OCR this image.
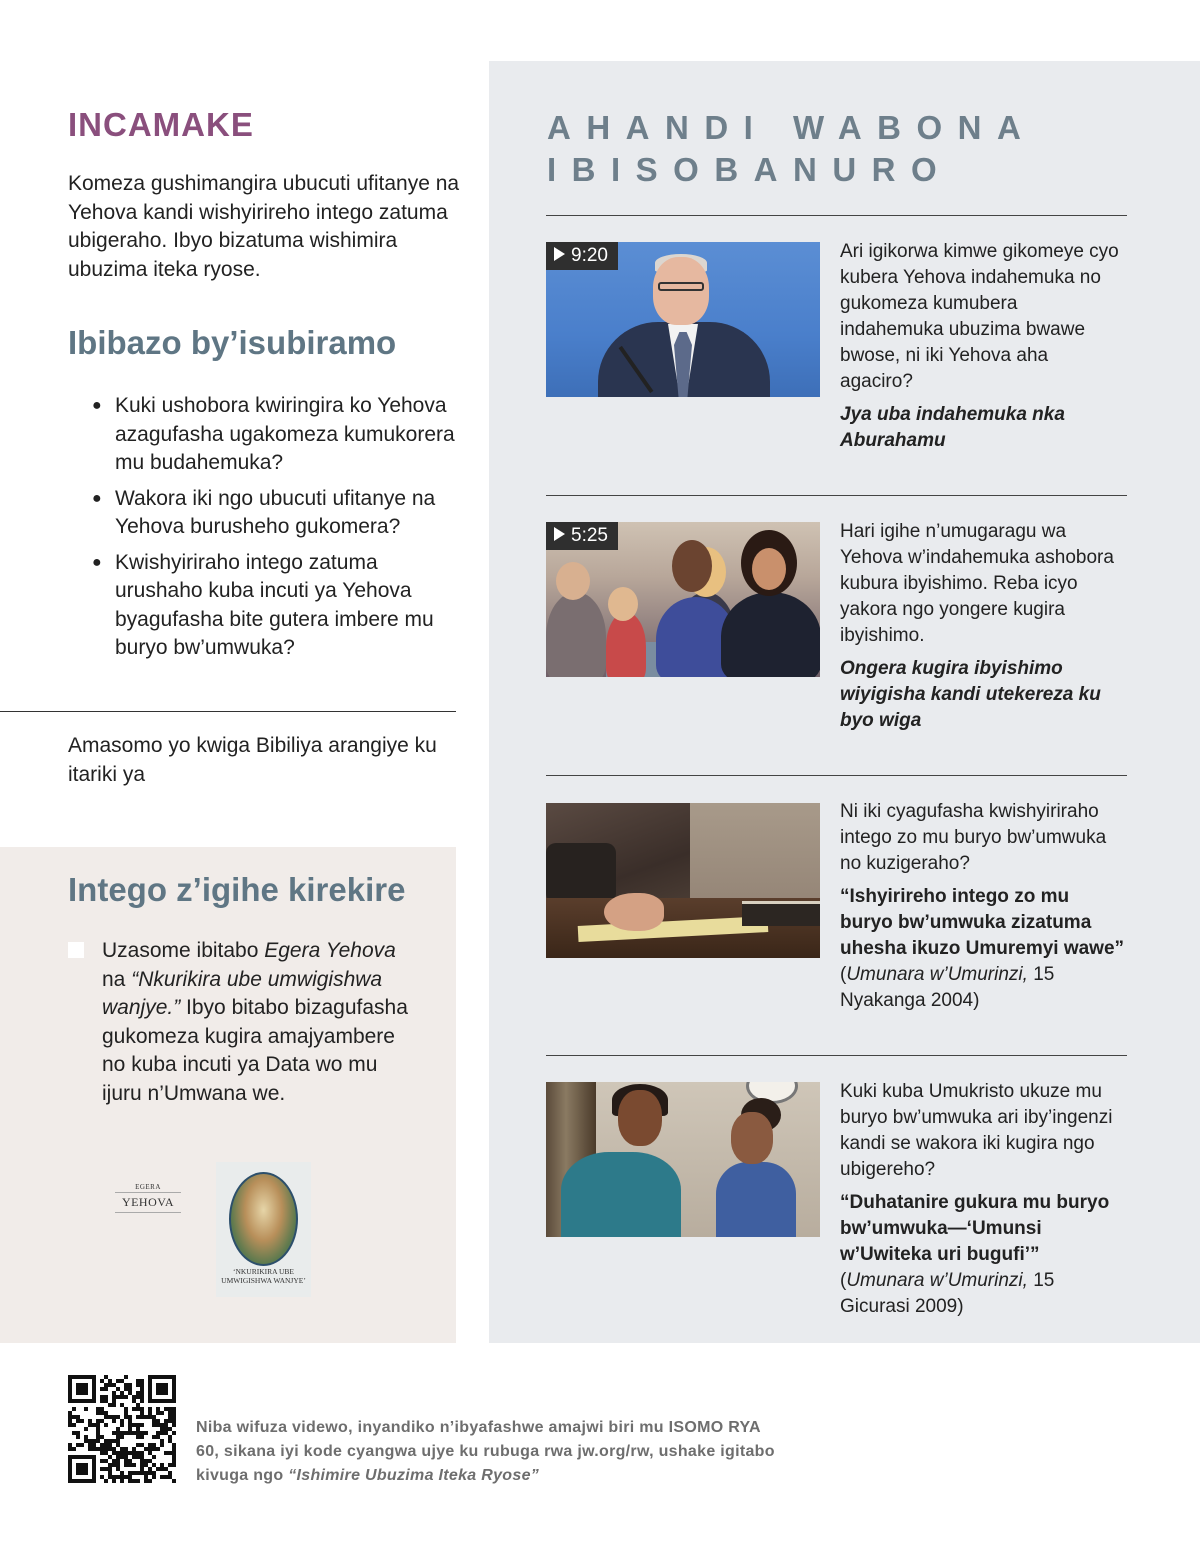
INCAMAKE
Komeza gushimangira ubucuti ufitanye na Yehova kandi wishyirireho intego zatuma ubigeraho. Ibyo bizatuma wishimira ubuzima iteka ryose.
Ibibazo by’isubiramo
● Kuki ushobora kwiringira ko Yehova azagufasha ugakomeza kumukorera mu budahemuka?
● Wakora iki ngo ubucuti ufitanye na Yehova burusheho gukomera?
● Kwishyiriraho intego zatuma urushaho kuba incuti ya Yehova byagufasha bite gutera imbere mu buryo bw’umwuka?
Amasomo yo kwiga Bibiliya arangiye ku itariki ya
Intego z’igihe kirekire
Uzasome ibitabo Egera Yehova na “Nkurikira ube umwigishwa wanjye.” Ibyo bitabo bizagufasha gukomeza kugira amajyambere no kuba incuti ya Data wo mu ijuru n’Umwana we.
EGERA
YEHOVA
‘NKURIKIRA UBE UMWIGISHWA WANJYE’
AHANDI WABONA IBISOBANURO
9:20	Ari igikorwa kimwe gikomeye cyo kubera Yehova indahemuka no gukomeza kumubera indahemuka ubuzima bwawe bwose, ni iki Yehova aha agaciro?
Jya uba indahemuka nka Aburahamu
5:25	Hari igihe n’umugaragu wa Yehova w’indahemuka ashobora kubura ibyishimo. Reba icyo yakora ngo yongere kugira ibyishimo.
Ongera kugira ibyishimo wiyigisha kandi utekereza ku byo wiga
Ni iki cyagufasha kwishyiriraho intego zo mu buryo bw’umwuka no kuzigeraho?
“Ishyirireho intego zo mu buryo bw’umwuka zizatuma uhesha ikuzo Umuremyi wawe” (Umunara w’Umurinzi, 15 Nyakanga 2004)
Kuki kuba Umukristo ukuze mu buryo bw’umwuka ari iby’ingenzi kandi se wakora iki kugira ngo ubigereho?
“Duhatanire gukura mu buryo bw’umwuka—‘Umunsi w’Uwiteka uri bugufi’” (Umunara w’Umurinzi, 15 Gicurasi 2009)
Niba wifuza videwo, inyandiko n’ibyafashwe amajwi biri mu ISOMO RYA 60, sikana iyi kode cyangwa ujye ku rubuga rwa jw.org/rw, ushake igitabo kivuga ngo “Ishimire Ubuzima Iteka Ryose”
